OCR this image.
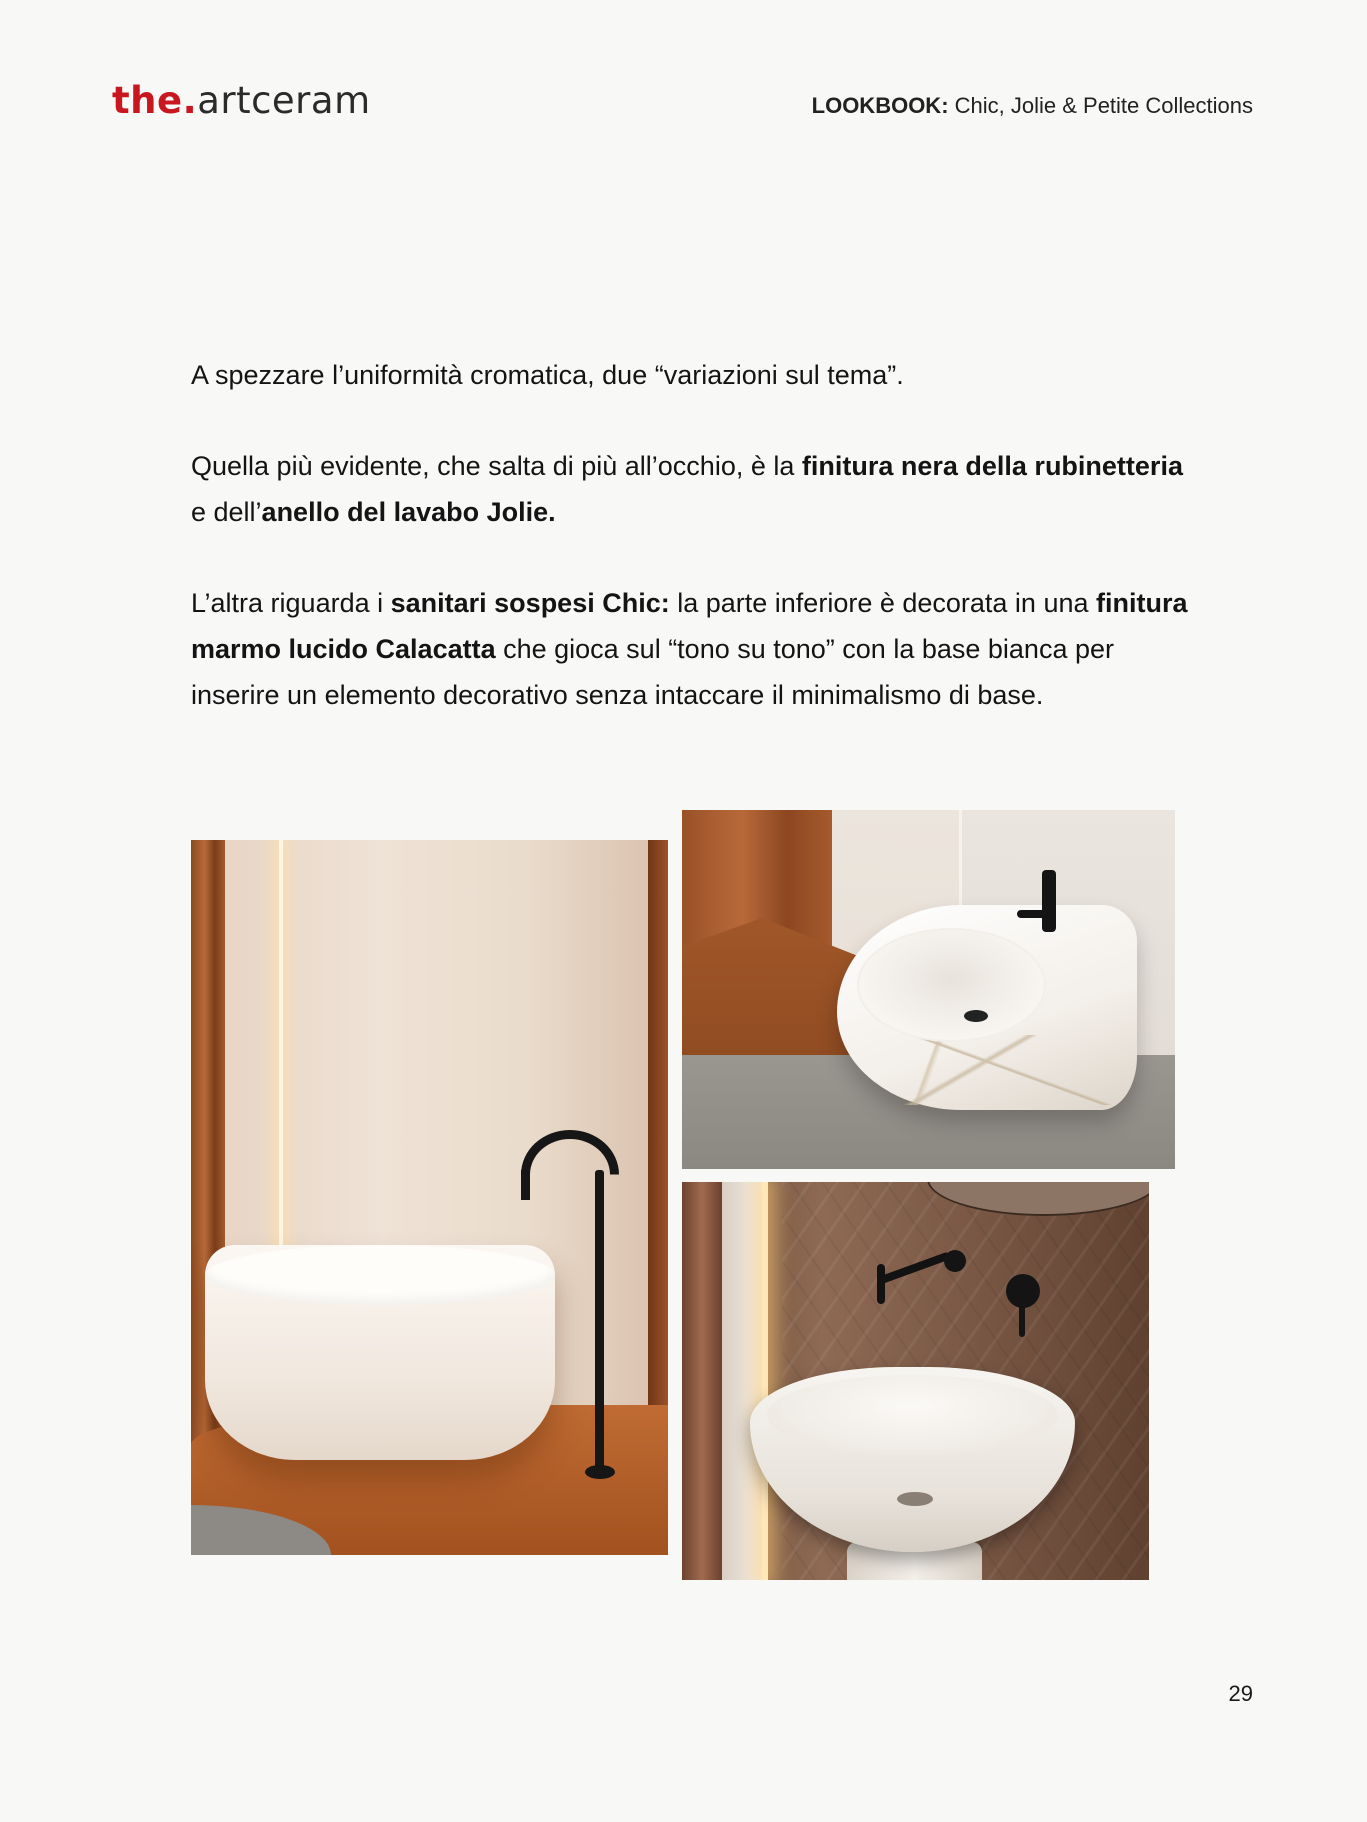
the.artceram	LOOKBOOK: Chic, Jolie & Petite Collections

A spezzare l’uniformità cromatica, due “variazioni sul tema”.

Quella più evidente, che salta di più all’occhio, è la finitura nera della rubinetteria
e dell’anello del lavabo Jolie.

L’altra riguarda i sanitari sospesi Chic: la parte inferiore è decorata in una finitura marmo lucido Calacatta che gioca sul “tono su tono” con la base bianca per inserire un elemento decorativo senza intaccare il minimalismo di base.

29
